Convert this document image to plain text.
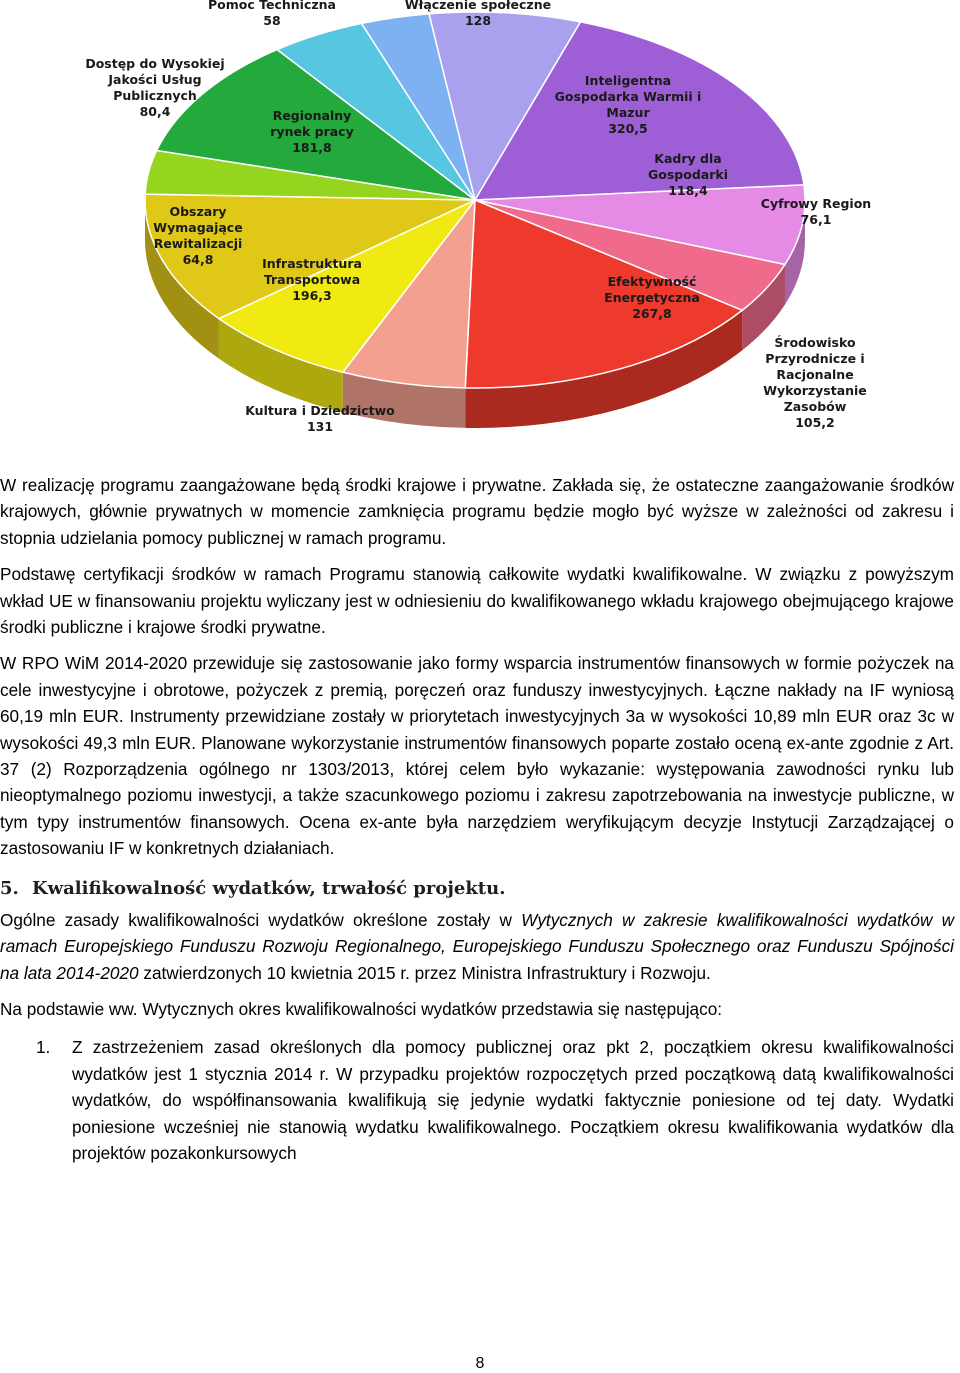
Pomoc Techniczna 58
Włączenie społeczne 128
Dostęp do Wysokiej Jakości Usług Publicznych 80,4
Inteligentna Gospodarka Warmii i Mazur 320,5
Regionalny rynek pracy 181,8
Kadry dla Gospodarki 118,4
Cyfrowy Region 76,1
Obszary Wymagające Rewitalizacji 64,8	Infrastruktura Transportowa 196,3
Efektywność Energetyczna 267,8
Środowisko Przyrodnicze i Racjonalne Wykorzystanie Zasobów 105,2
Kultura i Dziedzictwo 131

W realizację programu zaangażowane będą środki krajowe i prywatne. Zakłada się, że ostateczne zaangażowanie środków krajowych, głównie prywatnych w momencie zamknięcia programu będzie mogło być wyższe w zależności od zakresu i stopnia udzielania pomocy publicznej w ramach programu.

Podstawę certyfikacji środków w ramach Programu stanowią całkowite wydatki kwalifikowalne. W związku z powyższym wkład UE w finansowaniu projektu wyliczany jest w odniesieniu do kwalifikowanego wkładu krajowego obejmującego krajowe środki publiczne i krajowe środki prywatne.

W RPO WiM 2014-2020 przewiduje się zastosowanie jako formy wsparcia instrumentów finansowych w formie pożyczek na cele inwestycyjne i obrotowe, pożyczek z premią, poręczeń oraz funduszy inwestycyjnych. Łączne nakłady na IF wyniosą 60,19 mln EUR. Instrumenty przewidziane zostały w priorytetach inwestycyjnych 3a w wysokości 10,89 mln EUR oraz 3c w wysokości 49,3 mln EUR. Planowane wykorzystanie instrumentów finansowych poparte zostało oceną ex-ante zgodnie z Art. 37 (2) Rozporządzenia ogólnego nr 1303/2013, której celem było wykazanie: występowania zawodności rynku lub nieoptymalnego poziomu inwestycji, a także szacunkowego poziomu i zakresu zapotrzebowania na inwestycje publiczne, w tym typy instrumentów finansowych. Ocena ex-ante była narzędziem weryfikującym decyzje Instytucji Zarządzającej o zastosowaniu IF w konkretnych działaniach.

5. Kwalifikowalność wydatków, trwałość projektu.

Ogólne zasady kwalifikowalności wydatków określone zostały w Wytycznych w zakresie kwalifikowalności wydatków w ramach Europejskiego Funduszu Rozwoju Regionalnego, Europejskiego Funduszu Społecznego oraz Funduszu Spójności na lata 2014-2020 zatwierdzonych 10 kwietnia 2015 r. przez Ministra Infrastruktury i Rozwoju.

Na podstawie ww. Wytycznych okres kwalifikowalności wydatków przedstawia się następująco:

1.	Z zastrzeżeniem zasad określonych dla pomocy publicznej oraz pkt 2, początkiem okresu kwalifikowalności wydatków jest 1 stycznia 2014 r. W przypadku projektów rozpoczętych przed początkową datą kwalifikowalności wydatków, do współfinansowania kwalifikują się jedynie wydatki faktycznie poniesione od tej daty. Wydatki poniesione wcześniej nie stanowią wydatku kwalifikowalnego. Początkiem okresu kwalifikowania wydatków dla projektów pozakonkursowych

8
